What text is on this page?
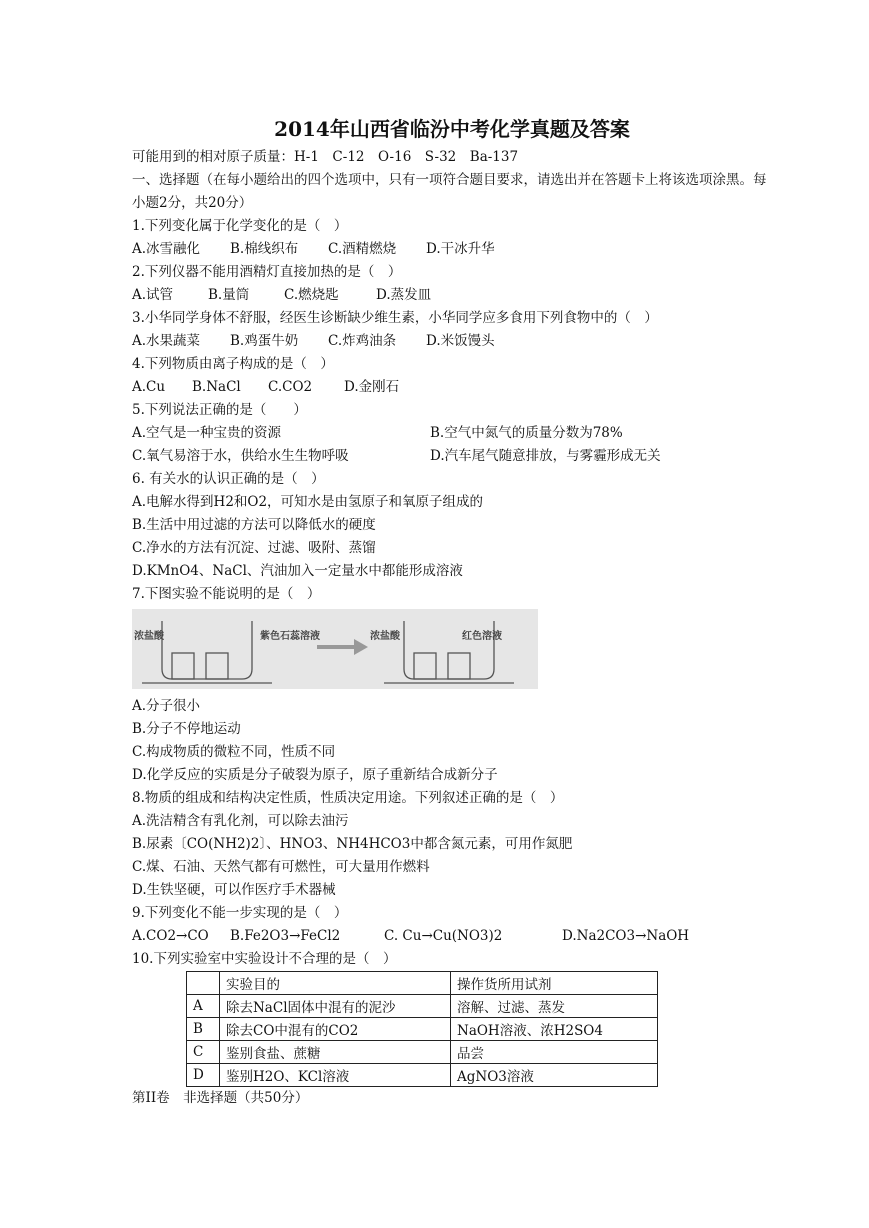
2014年山西省临汾中考化学真题及答案
可能用到的相对原子质量：H-1　C-12　O-16　S-32　Ba-137
一、选择题（在每小题给出的四个选项中，只有一项符合题目要求，请选出并在答题卡上将该选项涂黑。每小题2分，共20分）
1.下列变化属于化学变化的是（　）
A.冰雪融化	B.棉线织布	C.酒精燃烧	D.干冰升华
2.下列仪器不能用酒精灯直接加热的是（　）
A.试管	B.量筒	C.燃烧匙	D.蒸发皿
3.小华同学身体不舒服，经医生诊断缺少维生素，小华同学应多食用下列食物中的（　）
A.水果蔬菜	B.鸡蛋牛奶	C.炸鸡油条	D.米饭馒头
4.下列物质由离子构成的是（　）
A.Cu	B.NaCl	C.CO2	D.金刚石
5.下列说法正确的是（　　）
A.空气是一种宝贵的资源	B.空气中氮气的质量分数为78%
C.氧气易溶于水，供给水生生物呼吸	D.汽车尾气随意排放，与雾霾形成无关
6. 有关水的认识正确的是（　）
A.电解水得到H2和O2，可知水是由氢原子和氧原子组成的
B.生活中用过滤的方法可以降低水的硬度
C.净水的方法有沉淀、过滤、吸附、蒸馏
D.KMnO4、NaCl、汽油加入一定量水中都能形成溶液
7.下图实验不能说明的是（　）
浓盐酸	紫色石蕊溶液	浓盐酸	红色溶液
A.分子很小
B.分子不停地运动
C.构成物质的微粒不同，性质不同
D.化学反应的实质是分子破裂为原子，原子重新结合成新分子
8.物质的组成和结构决定性质，性质决定用途。下列叙述正确的是（　）
A.洗洁精含有乳化剂，可以除去油污
B.尿素〔CO(NH2)2〕、HNO3、NH4HCO3中都含氮元素，可用作氮肥
C.煤、石油、天然气都有可燃性，可大量用作燃料
D.生铁坚硬，可以作医疗手术器械
9.下列变化不能一步实现的是（　）
A.CO2→CO	B.Fe2O3→FeCl2	C. Cu→Cu(NO3)2	D.Na2CO3→NaOH
10.下列实验室中实验设计不合理的是（　）
	实验目的	操作货所用试剂
A	除去NaCl固体中混有的泥沙	溶解、过滤、蒸发
B	除去CO中混有的CO2	NaOH溶液、浓H2SO4
C	鉴别食盐、蔗糖	品尝
D	鉴别H2O、KCl溶液	AgNO3溶液
第II卷　非选择题（共50分）
